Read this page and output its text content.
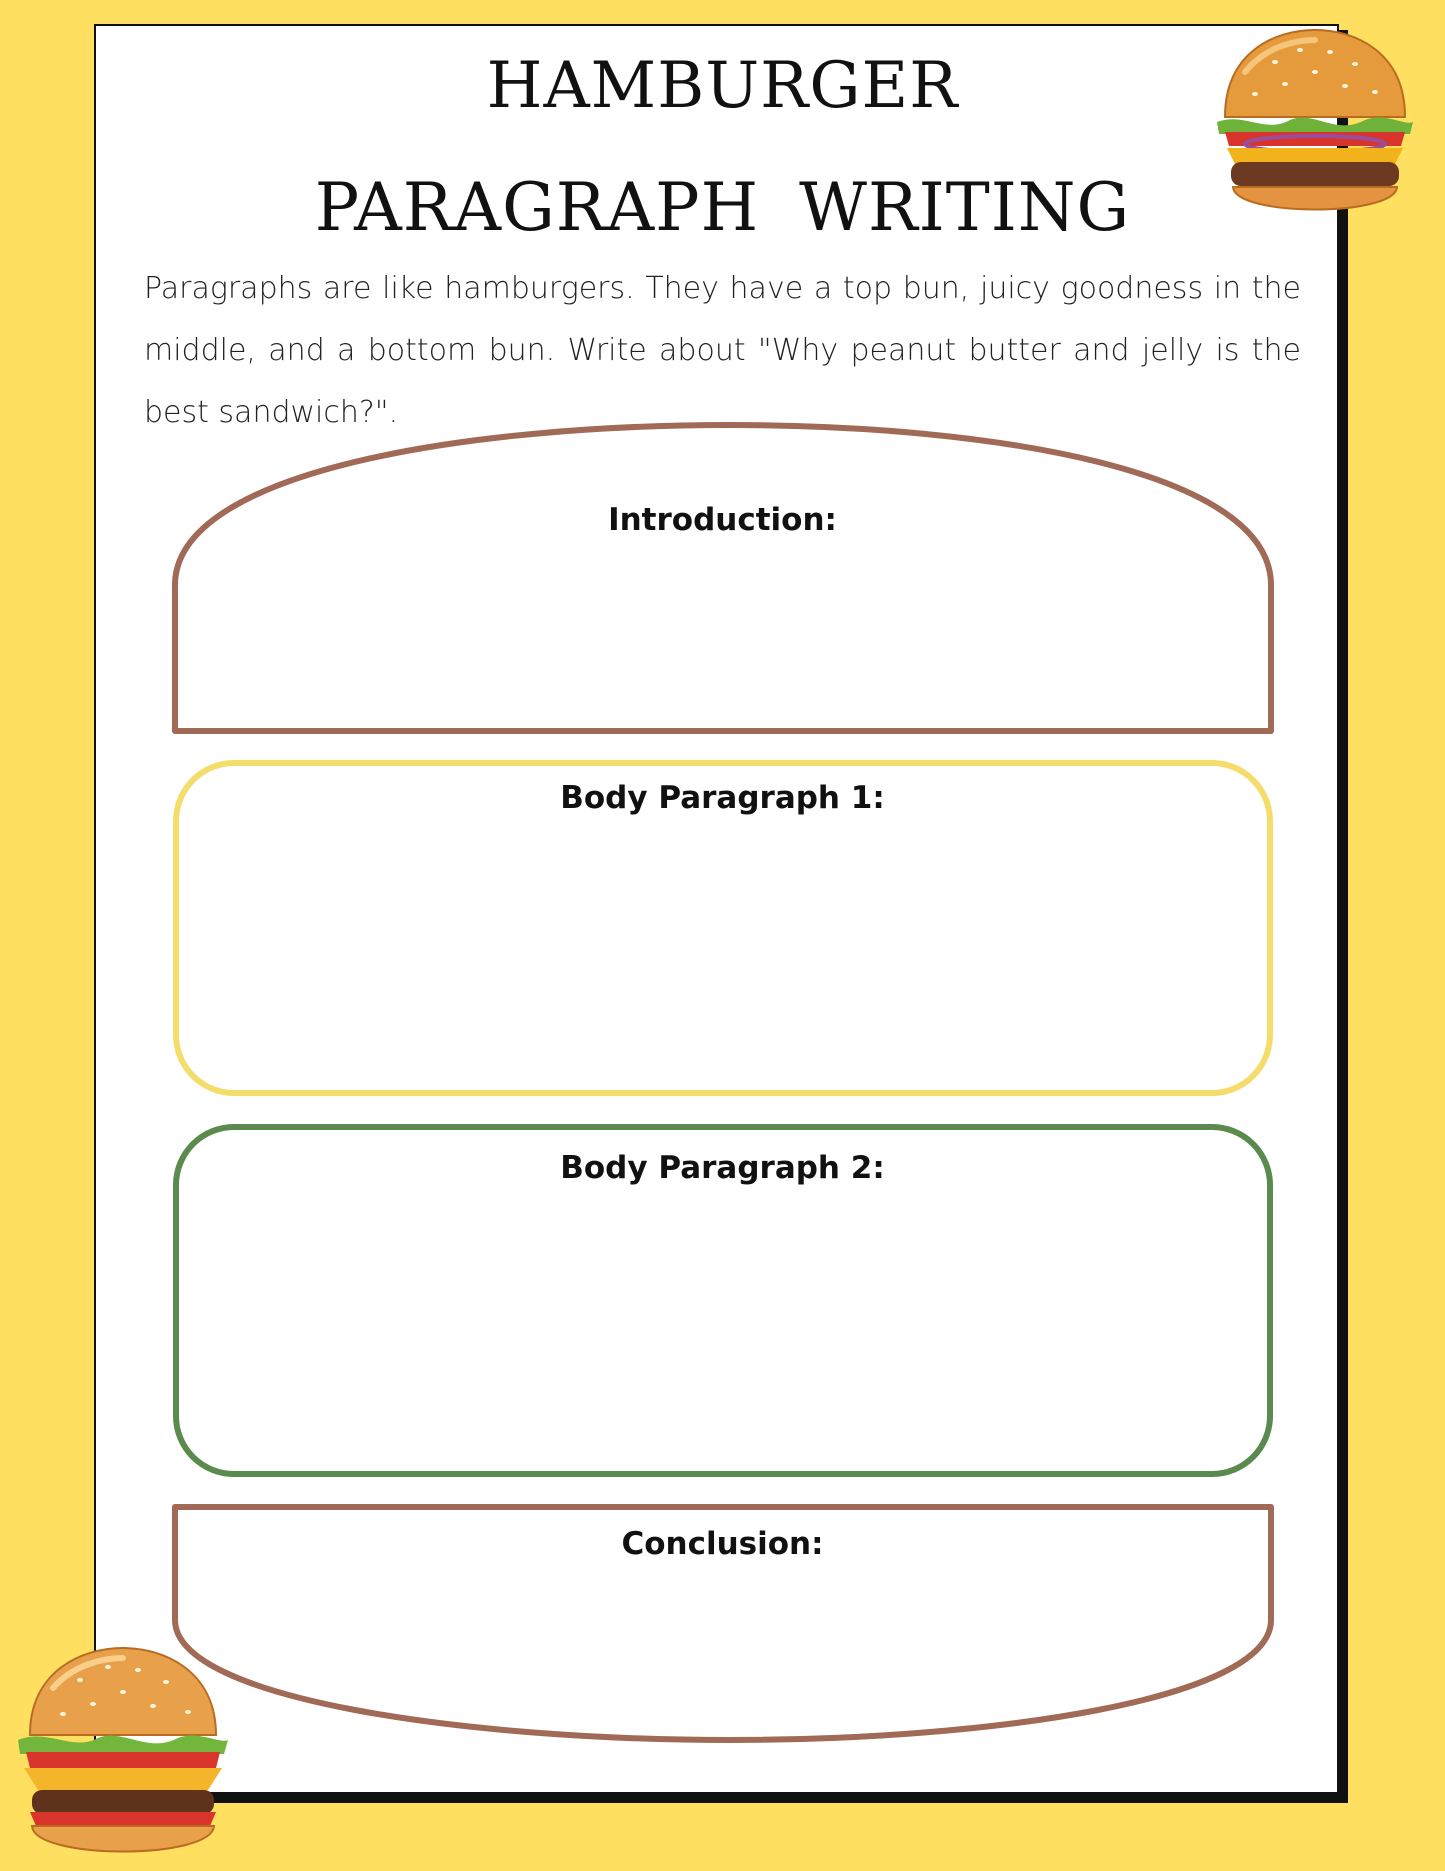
HAMBURGER
PARAGRAPH WRITING
Paragraphs are like hamburgers. They have a top bun, juicy goodness in the middle, and a bottom bun. Write about "Why peanut butter and jelly is the best sandwich?".
Introduction:
Body Paragraph 1:
Body Paragraph 2:
Conclusion:
